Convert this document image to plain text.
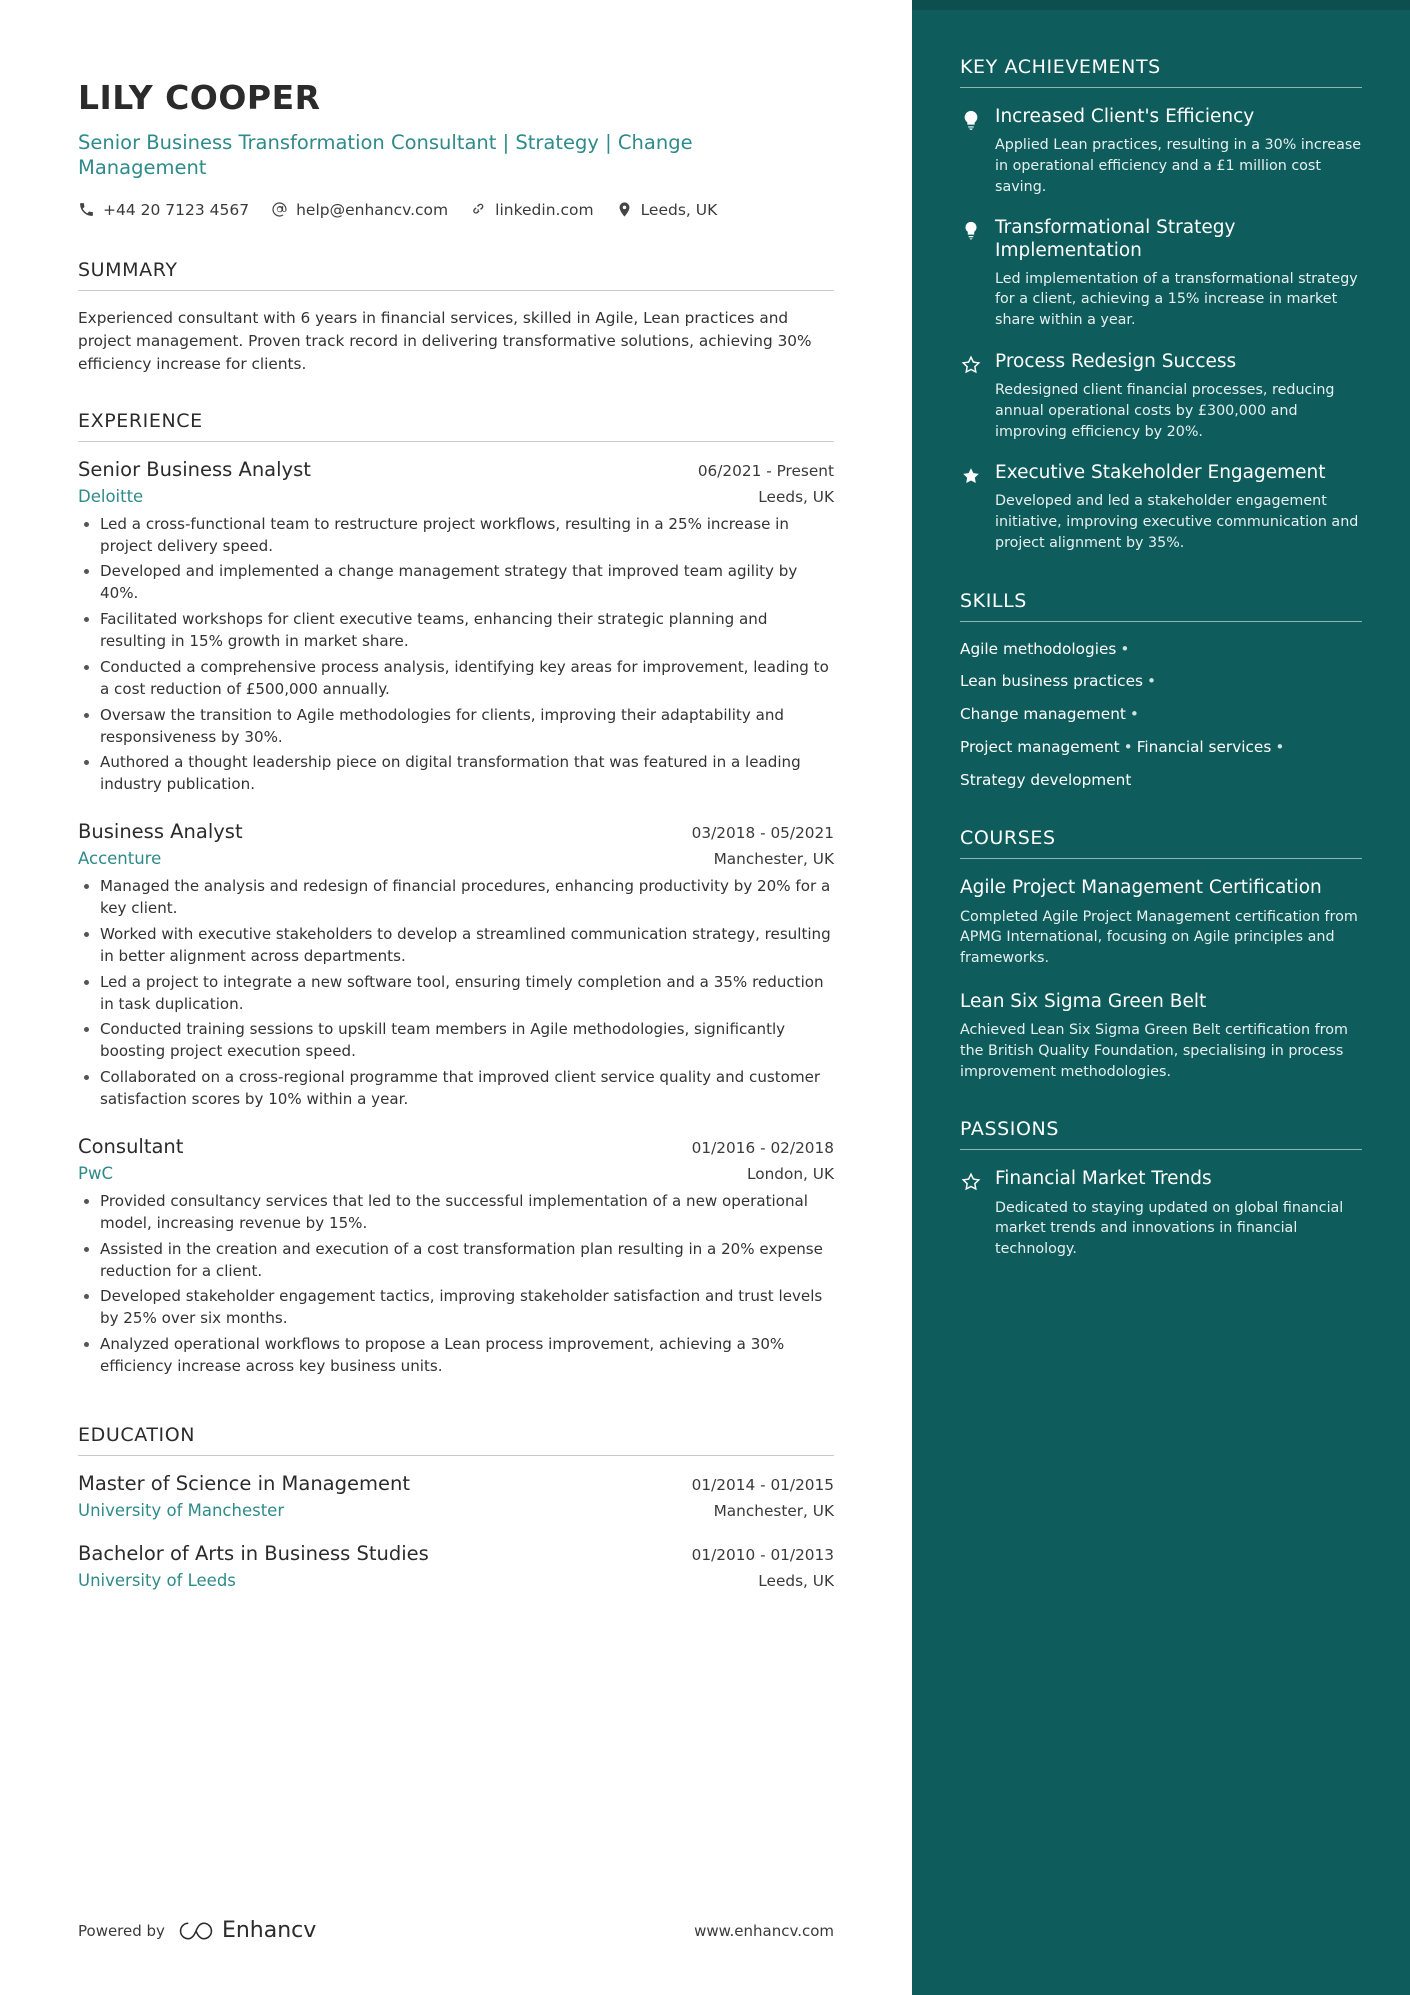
LILY COOPER
Senior Business Transformation Consultant | Strategy | Change Management
+44 20 7123 4567	help@enhancv.com	linkedin.com	Leeds, UK
SUMMARY
Experienced consultant with 6 years in financial services, skilled in Agile, Lean practices and project management. Proven track record in delivering transformative solutions, achieving 30% efficiency increase for clients.
EXPERIENCE
Senior Business Analyst	06/2021 - Present
Deloitte	Leeds, UK
Led a cross-functional team to restructure project workflows, resulting in a 25% increase in project delivery speed.
Developed and implemented a change management strategy that improved team agility by 40%.
Facilitated workshops for client executive teams, enhancing their strategic planning and resulting in 15% growth in market share.
Conducted a comprehensive process analysis, identifying key areas for improvement, leading to a cost reduction of £500,000 annually.
Oversaw the transition to Agile methodologies for clients, improving their adaptability and responsiveness by 30%.
Authored a thought leadership piece on digital transformation that was featured in a leading industry publication.
Business Analyst	03/2018 - 05/2021
Accenture	Manchester, UK
Managed the analysis and redesign of financial procedures, enhancing productivity by 20% for a key client.
Worked with executive stakeholders to develop a streamlined communication strategy, resulting in better alignment across departments.
Led a project to integrate a new software tool, ensuring timely completion and a 35% reduction in task duplication.
Conducted training sessions to upskill team members in Agile methodologies, significantly boosting project execution speed.
Collaborated on a cross-regional programme that improved client service quality and customer satisfaction scores by 10% within a year.
Consultant	01/2016 - 02/2018
PwC	London, UK
Provided consultancy services that led to the successful implementation of a new operational model, increasing revenue by 15%.
Assisted in the creation and execution of a cost transformation plan resulting in a 20% expense reduction for a client.
Developed stakeholder engagement tactics, improving stakeholder satisfaction and trust levels by 25% over six months.
Analyzed operational workflows to propose a Lean process improvement, achieving a 30% efficiency increase across key business units.
EDUCATION
Master of Science in Management	01/2014 - 01/2015
University of Manchester	Manchester, UK
Bachelor of Arts in Business Studies	01/2010 - 01/2013
University of Leeds	Leeds, UK
Powered by	Enhancv	www.enhancv.com
KEY ACHIEVEMENTS
Increased Client's Efficiency
Applied Lean practices, resulting in a 30% increase in operational efficiency and a £1 million cost saving.
Transformational Strategy Implementation
Led implementation of a transformational strategy for a client, achieving a 15% increase in market share within a year.
Process Redesign Success
Redesigned client financial processes, reducing annual operational costs by £300,000 and improving efficiency by 20%.
Executive Stakeholder Engagement
Developed and led a stakeholder engagement initiative, improving executive communication and project alignment by 35%.
SKILLS
Agile methodologies •
Lean business practices •
Change management •
Project management • Financial services •
Strategy development
COURSES
Agile Project Management Certification
Completed Agile Project Management certification from APMG International, focusing on Agile principles and frameworks.
Lean Six Sigma Green Belt
Achieved Lean Six Sigma Green Belt certification from the British Quality Foundation, specialising in process improvement methodologies.
PASSIONS
Financial Market Trends
Dedicated to staying updated on global financial market trends and innovations in financial technology.
